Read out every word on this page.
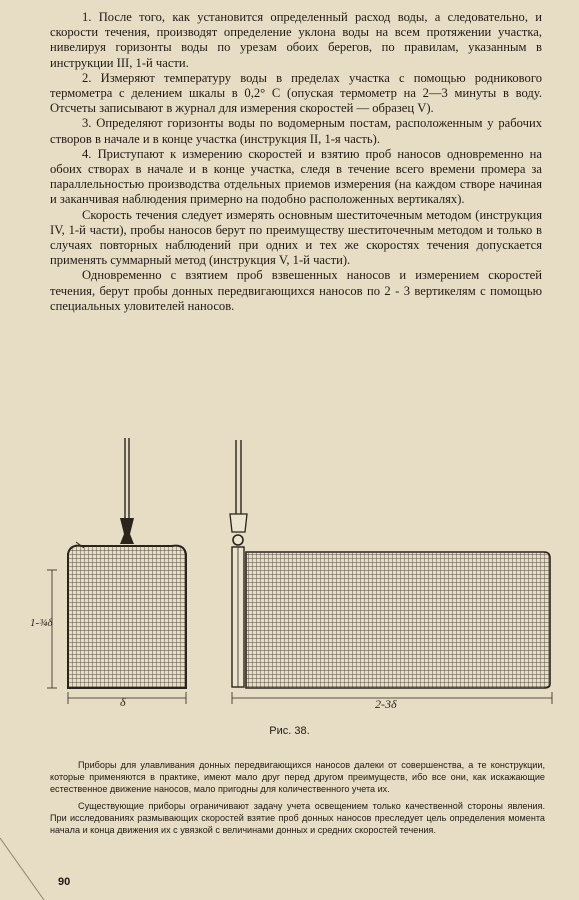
1. После того, как установится определенный расход воды, а следовательно, и скорости течения, производят определение уклона воды на всем протяжении участка, нивелируя горизонты воды по урезам обоих берегов, по правилам, указанным в инструкции III, 1-й части.

2. Измеряют температуру воды в пределах участка с помощью родникового термометра с делением шкалы в 0,2° С (опуская термометр на 2—3 минуты в воду. Отсчеты записывают в журнал для измерения скоростей — образец V).

3. Определяют горизонты воды по водомерным постам, расположенным у рабочих створов в начале и в конце участка (инструкция II, 1-я часть).

4. Приступают к измерению скоростей и взятию проб наносов одновременно на обоих створах в начале и в конце участка, следя в течение всего времени промера за параллельностью производства отдельных приемов измерения (на каждом створе начиная и заканчивая наблюдения примерно на подобно расположенных вертикалях).

Скорость течения следует измерять основным шеститочечным методом (инструкция IV, 1-й части), пробы наносов берут по преимуществу шеститочечным методом и только в случаях повторных наблюдений при одних и тех же скоростях течения допускается применять суммарный метод (инструкция V, 1-й части).

Одновременно с взятием проб взвешенных наносов и измерением скоростей течения, берут пробы донных передвигающихся наносов по 2 - 3 вертикелям с помощью специальных уловителей наносов.

1-¾δ
δ	2-3δ
Рис. 38.

Приборы для улавливания донных передвигающихся наносов далеки от совершенства, а те конструкции, которые применяются в практике, имеют мало друг перед другом преимуществ, ибо все они, как искажающие естественное движение наносов, мало пригодны для количественного учета их.

Существующие приборы ограничивают задачу учета освещением только качественной стороны явления. При исследованиях размывающих скоростей взятие проб донных наносов преследует цель определения момента начала и конца движения их с увязкой с величинами донных и средних скоростей течения.

90
